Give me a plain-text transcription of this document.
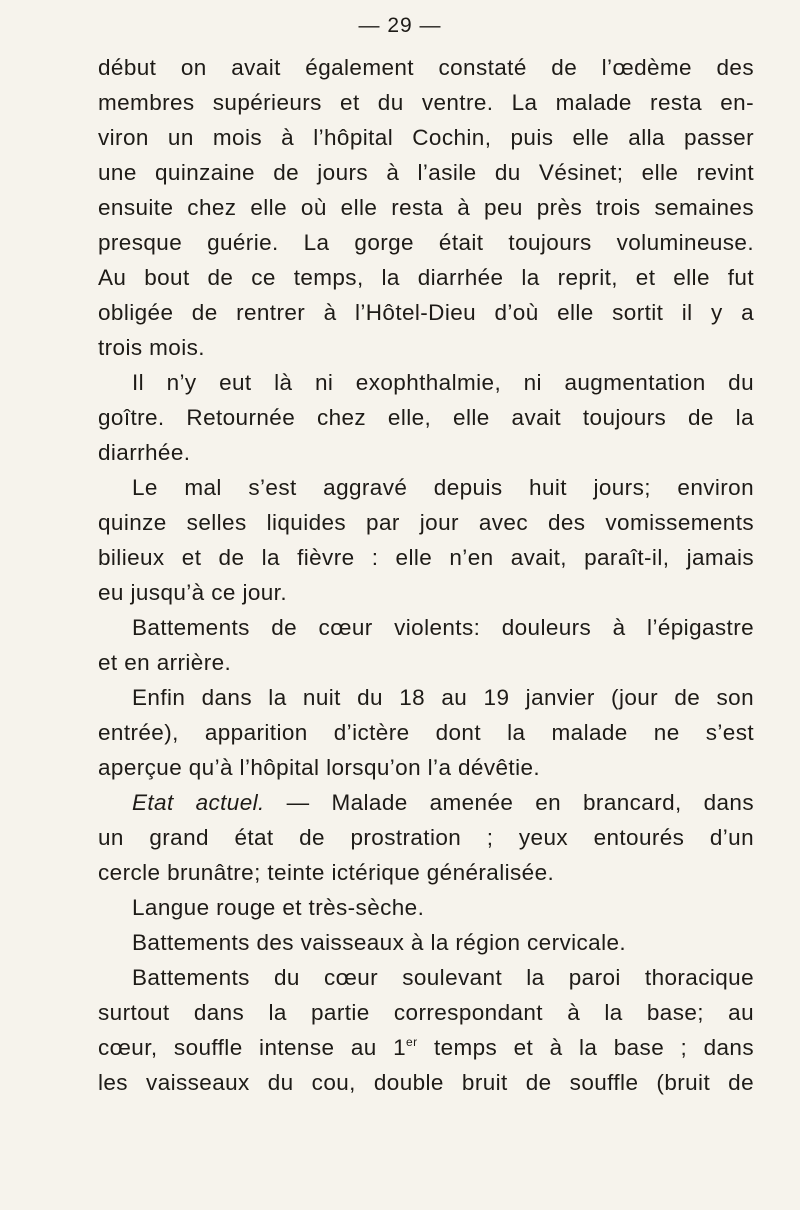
— 29 —
début on avait également constaté de l’œdème des
membres supérieurs et du ventre. La malade resta en-
viron un mois à l’hôpital Cochin, puis elle alla passer
une quinzaine de jours à l’asile du Vésinet; elle revint
ensuite chez elle où elle resta à peu près trois semaines
presque guérie. La gorge était toujours volumineuse.
Au bout de ce temps, la diarrhée la reprit, et elle fut
obligée de rentrer à l’Hôtel-Dieu d’où elle sortit il y a
trois mois.
Il n’y eut là ni exophthalmie, ni augmentation du
goître. Retournée chez elle, elle avait toujours de la
diarrhée.
Le mal s’est aggravé depuis huit jours; environ
quinze selles liquides par jour avec des vomissements
bilieux et de la fièvre : elle n’en avait, paraît-il, jamais
eu jusqu’à ce jour.
Battements de cœur violents: douleurs à l’épigastre
et en arrière.
Enfin dans la nuit du 18 au 19 janvier (jour de son
entrée), apparition d’ictère dont la malade ne s’est
aperçue qu’à l’hôpital lorsqu’on l’a dévêtie.
Etat actuel. — Malade amenée en brancard, dans
un grand état de prostration ; yeux entourés d’un
cercle brunâtre; teinte ictérique généralisée.
Langue rouge et très-sèche.
Battements des vaisseaux à la région cervicale.
Battements du cœur soulevant la paroi thoracique
surtout dans la partie correspondant à la base; au
cœur, souffle intense au 1er temps et à la base ; dans
les vaisseaux du cou, double bruit de souffle (bruit de
